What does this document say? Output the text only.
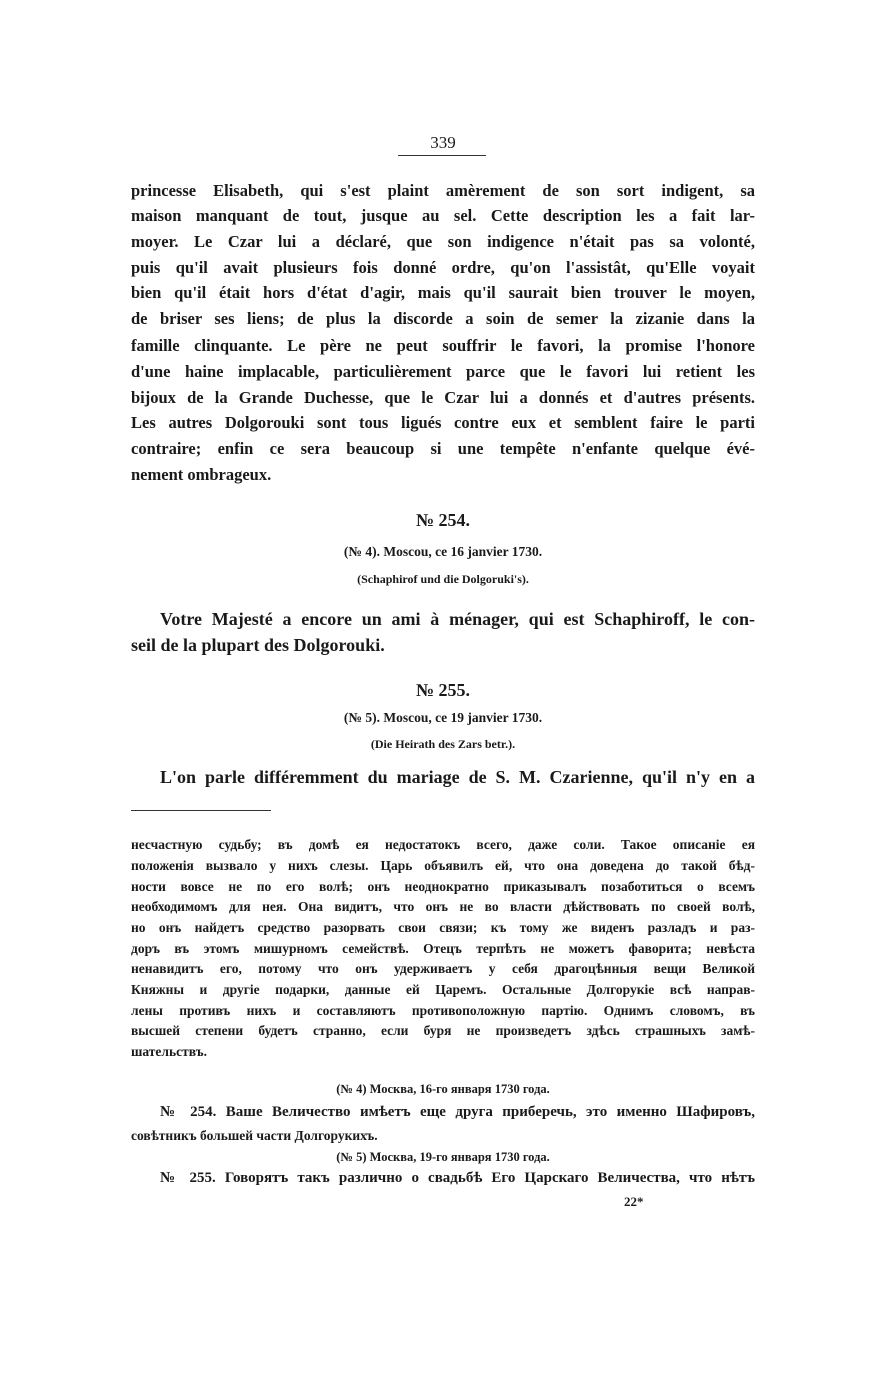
339
princesse Elisabeth, qui s'est plaint amèrement de son sort indigent, sa
maison manquant de tout, jusque au sel. Cette description les a fait lar-
moyer. Le Czar lui a déclaré, que son indigence n'était pas sa volonté,
puis qu'il avait plusieurs fois donné ordre, qu'on l'assistât, qu'Elle voyait
bien qu'il était hors d'état d'agir, mais qu'il saurait bien trouver le moyen,
de briser ses liens; de plus la discorde a soin de semer la zizanie dans la
famille clinquante. Le père ne peut souffrir le favori, la promise l'honore
d'une haine implacable, particulièrement parce que le favori lui retient les
bijoux de la Grande Duchesse, que le Czar lui a donnés et d'autres présents.
Les autres Dolgorouki sont tous ligués contre eux et semblent faire le parti
contraire; enfin ce sera beaucoup si une tempête n'enfante quelque évé-
nement ombrageux.
№ 254.
(№ 4). Moscou, ce 16 janvier 1730.
(Schaphirof und die Dolgoruki's).
Votre Majesté a encore un ami à ménager, qui est Schaphiroff, le con-
seil de la plupart des Dolgorouki.
№ 255.
(№ 5). Moscou, ce 19 janvier 1730.
(Die Heirath des Zars betr.).
L'on parle différemment du mariage de S. M. Czarienne, qu'il n'y en a
несчастную судьбу; въ домѣ ея недостатокъ всего, даже соли. Такое описаніе ея
положенія вызвало у нихъ слезы. Царь объявилъ ей, что она доведена до такой бѣд-
ности вовсе не по его волѣ; онъ неоднократно приказывалъ позаботиться о всемъ
необходимомъ для нея. Она видитъ, что онъ не во власти дѣйствовать по своей волѣ,
но онъ найдетъ средство разорвать свои связи; къ тому же виденъ разладъ и раз-
доръ въ этомъ мишурномъ семействѣ. Отецъ терпѣть не можетъ фаворита; невѣста
ненавидитъ его, потому что онъ удерживаетъ у себя драгоцѣнныя вещи Великой
Княжны и другіе подарки, данные ей Царемъ. Остальные Долгорукіе всѣ направ-
лены противъ нихъ и составляютъ противоположную партію. Однимъ словомъ, въ
высшей степени будетъ странно, если буря не произведетъ здѣсь страшныхъ замѣ-
шательствъ.
(№ 4) Москва, 16-го января 1730 года.
№ 254. Ваше Величество имѣетъ еще друга приберечь, это именно Шафировъ,
совѣтникъ большей части Долгорукихъ.
(№ 5) Москва, 19-го января 1730 года.
№ 255. Говорятъ такъ различно о свадьбѣ Его Царскаго Величества, что нѣтъ
22*
